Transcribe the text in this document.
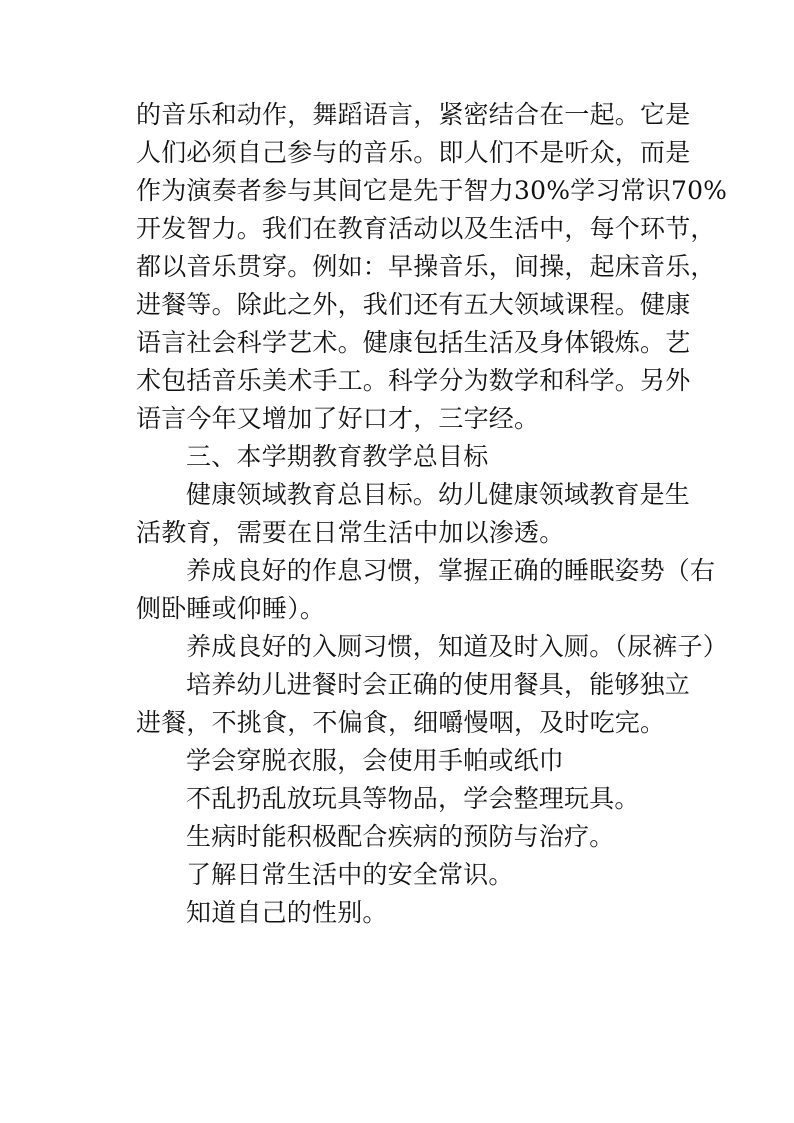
的音乐和动作，舞蹈语言，紧密结合在一起。它是
人们必须自己参与的音乐。即人们不是听众，而是
作为演奏者参与其间它是先于智力30%学习常识70%
开发智力。我们在教育活动以及生活中，每个环节，
都以音乐贯穿。例如：早操音乐，间操，起床音乐，
进餐等。除此之外，我们还有五大领域课程。健康
语言社会科学艺术。健康包括生活及身体锻炼。艺
术包括音乐美术手工。科学分为数学和科学。另外
语言今年又增加了好口才，三字经。
三、本学期教育教学总目标
健康领域教育总目标。幼儿健康领域教育是生
活教育，需要在日常生活中加以渗透。
养成良好的作息习惯，掌握正确的睡眠姿势（右
侧卧睡或仰睡）。
养成良好的入厕习惯，知道及时入厕。（尿裤子）
培养幼儿进餐时会正确的使用餐具，能够独立
进餐，不挑食，不偏食，细嚼慢咽，及时吃完。
学会穿脱衣服，会使用手帕或纸巾
不乱扔乱放玩具等物品，学会整理玩具。
生病时能积极配合疾病的预防与治疗。
了解日常生活中的安全常识。
知道自己的性别。
